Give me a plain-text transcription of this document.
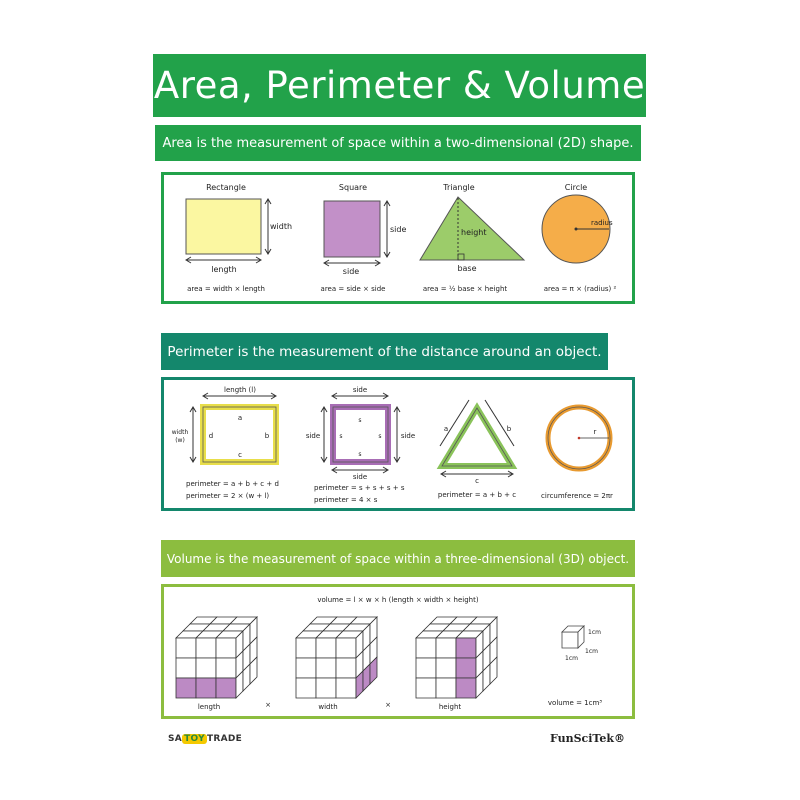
Area, Perimeter & Volume
Area is the measurement of space within a two-dimensional (2D) shape.
Rectangle
width
length
area = width × length
Square
side
side
area = side × side
Triangle
height
base
area = ½ base × height
Circle
radius
area = π × (radius) ²
Perimeter is the measurement of the distance around an object.
length (l)
width
(w)
a
b
c
d
perimeter = a + b + c + d
perimeter = 2 × (w + l)
side
s
s
s	s
side	side
side
perimeter = s + s + s + s
perimeter = 4 × s
a	b
c
perimeter = a + b + c
r
circumference = 2πr
Volume is the measurement of space within a three-dimensional (3D) object.
volume = l × w × h (length × width × height)
length	×	width	×	height
1cm
1cm
1cm
volume = 1cm³
SA TOY TRADE	FunSciTek®
